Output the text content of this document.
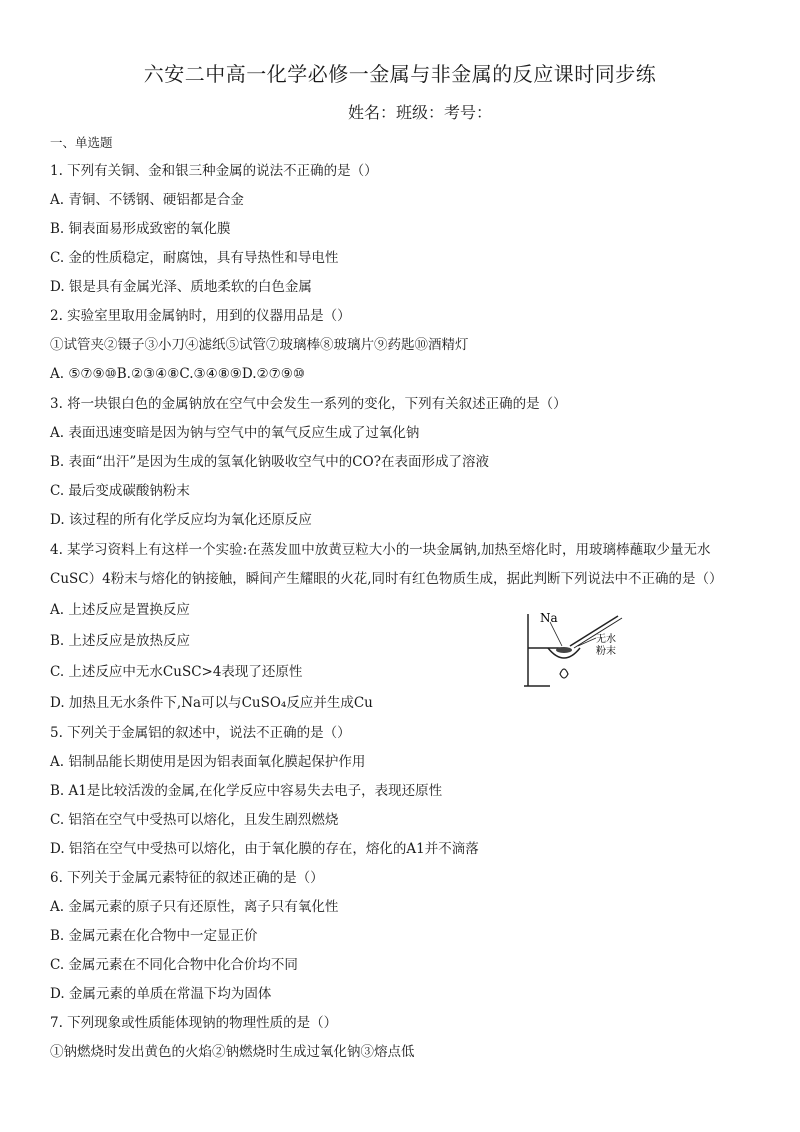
六安二中高一化学必修一金属与非金属的反应课时同步练
姓名：班级：考号：
一、单选题
1. 下列有关铜、金和银三种金属的说法不正确的是（）
A. 青铜、不锈钢、硬铝都是合金
B. 铜表面易形成致密的氧化膜
C. 金的性质稳定，耐腐蚀，具有导热性和导电性
D. 银是具有金属光泽、质地柔软的白色金属
2. 实验室里取用金属钠时，用到的仪器用品是（）
①试管夹②镊子③小刀④滤纸⑤试管⑦玻璃棒⑧玻璃片⑨药匙⑩酒精灯
A. ⑤⑦⑨⑩B.②③④⑧C.③④⑧⑨D.②⑦⑨⑩
3. 将一块银白色的金属钠放在空气中会发生一系列的变化，下列有关叙述正确的是（）
A. 表面迅速变暗是因为钠与空气中的氧气反应生成了过氧化钠
B. 表面“出汗”是因为生成的氢氧化钠吸收空气中的CO?在表面形成了溶液
C. 最后变成碳酸钠粉末
D. 该过程的所有化学反应均为氧化还原反应
4. 某学习资料上有这样一个实验:在蒸发皿中放黄豆粒大小的一块金属钠,加热至熔化时，用玻璃棒蘸取少量无水
CuSC）4粉末与熔化的钠接触，瞬间产生耀眼的火花,同时有红色物质生成，据此判断下列说法中不正确的是（）
A. 上述反应是置换反应
B. 上述反应是放热反应
C. 上述反应中无水CuSC>4表现了还原性
D. 加热且无水条件下,Na可以与CuSO₄反应并生成Cu
5. 下列关于金属铝的叙述中，说法不正确的是（）
A. 铝制品能长期使用是因为铝表面氧化膜起保护作用
B. A1是比较活泼的金属,在化学反应中容易失去电子，表现还原性
C. 铝箔在空气中受热可以熔化，且发生剧烈燃烧
D. 铝箔在空气中受热可以熔化，由于氧化膜的存在，熔化的A1并不滴落
6. 下列关于金属元素特征的叙述正确的是（）
A. 金属元素的原子只有还原性，离子只有氧化性
B. 金属元素在化合物中一定显正价
C. 金属元素在不同化合物中化合价均不同
D. 金属元素的单质在常温下均为固体
7. 下列现象或性质能体现钠的物理性质的是（）
①钠燃烧时发出黄色的火焰②钠燃烧时生成过氧化钠③熔点低
Na
无水
粉末
